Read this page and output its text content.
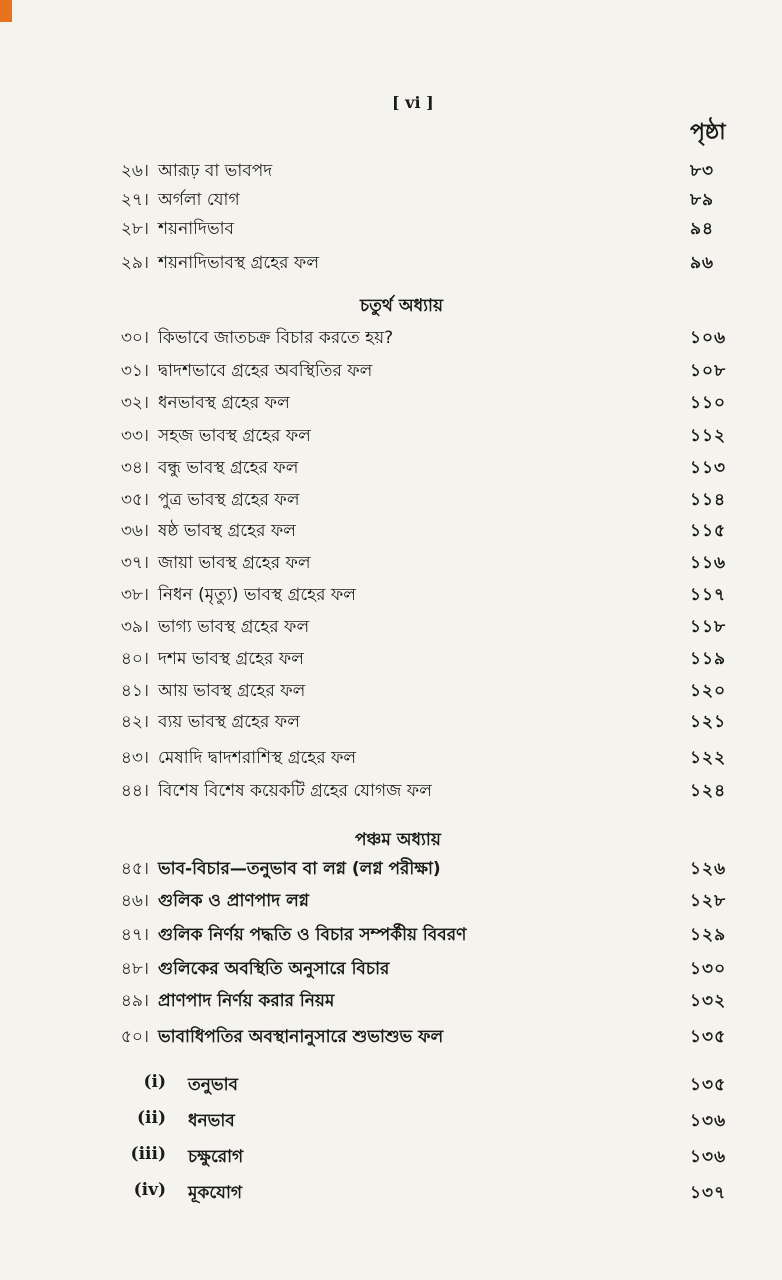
[ vi ]
পৃষ্ঠা
চতুর্থ অধ্যায়
পঞ্চম অধ্যায়
২৬। আরূঢ় বা ভাবপদ	৮৩
২৭। অর্গলা যোগ	৮৯
২৮। শয়নাদিভাব	৯৪
২৯। শয়নাদিভাবস্থ গ্রহের ফল	৯৬
৩০। কিভাবে জাতচক্র বিচার করতে হয়?	১০৬
৩১। দ্বাদশভাবে গ্রহের অবস্থিতির ফল	১০৮
৩২। ধনভাবস্থ গ্রহের ফল	১১০
৩৩। সহজ ভাবস্থ গ্রহের ফল	১১২
৩৪। বন্ধু ভাবস্থ গ্রহের ফল	১১৩
৩৫। পুত্র ভাবস্থ গ্রহের ফল	১১৪
৩৬। ষষ্ঠ ভাবস্থ গ্রহের ফল	১১৫
৩৭। জায়া ভাবস্থ গ্রহের ফল	১১৬
৩৮। নিধন (মৃত্যু) ভাবস্থ গ্রহের ফল	১১৭
৩৯। ভাগ্য ভাবস্থ গ্রহের ফল	১১৮
৪০। দশম ভাবস্থ গ্রহের ফল	১১৯
৪১। আয় ভাবস্থ গ্রহের ফল	১২০
৪২। ব্যয় ভাবস্থ গ্রহের ফল	১২১
৪৩। মেষাদি দ্বাদশরাশিস্থ গ্রহের ফল	১২২
৪৪। বিশেষ বিশেষ কয়েকটি গ্রহের যোগজ ফল	১২৪
৪৫। ভাব-বিচার—তনুভাব বা লগ্ন (লগ্ন পরীক্ষা)	১২৬
৪৬। গুলিক ও প্রাণপাদ লগ্ন	১২৮
৪৭। গুলিক নির্ণয় পদ্ধতি ও বিচার সম্পর্কীয় বিবরণ	১২৯
৪৮। গুলিকের অবস্থিতি অনুসারে বিচার	১৩০
৪৯। প্রাণপাদ নির্ণয় করার নিয়ম	১৩২
৫০। ভাবাধিপতির অবস্থানানুসারে শুভাশুভ ফল	১৩৫
(i) তনুভাব	১৩৫
(ii) ধনভাব	১৩৬
(iii) চক্ষুরোগ	১৩৬
(iv) মূকযোগ	১৩৭
